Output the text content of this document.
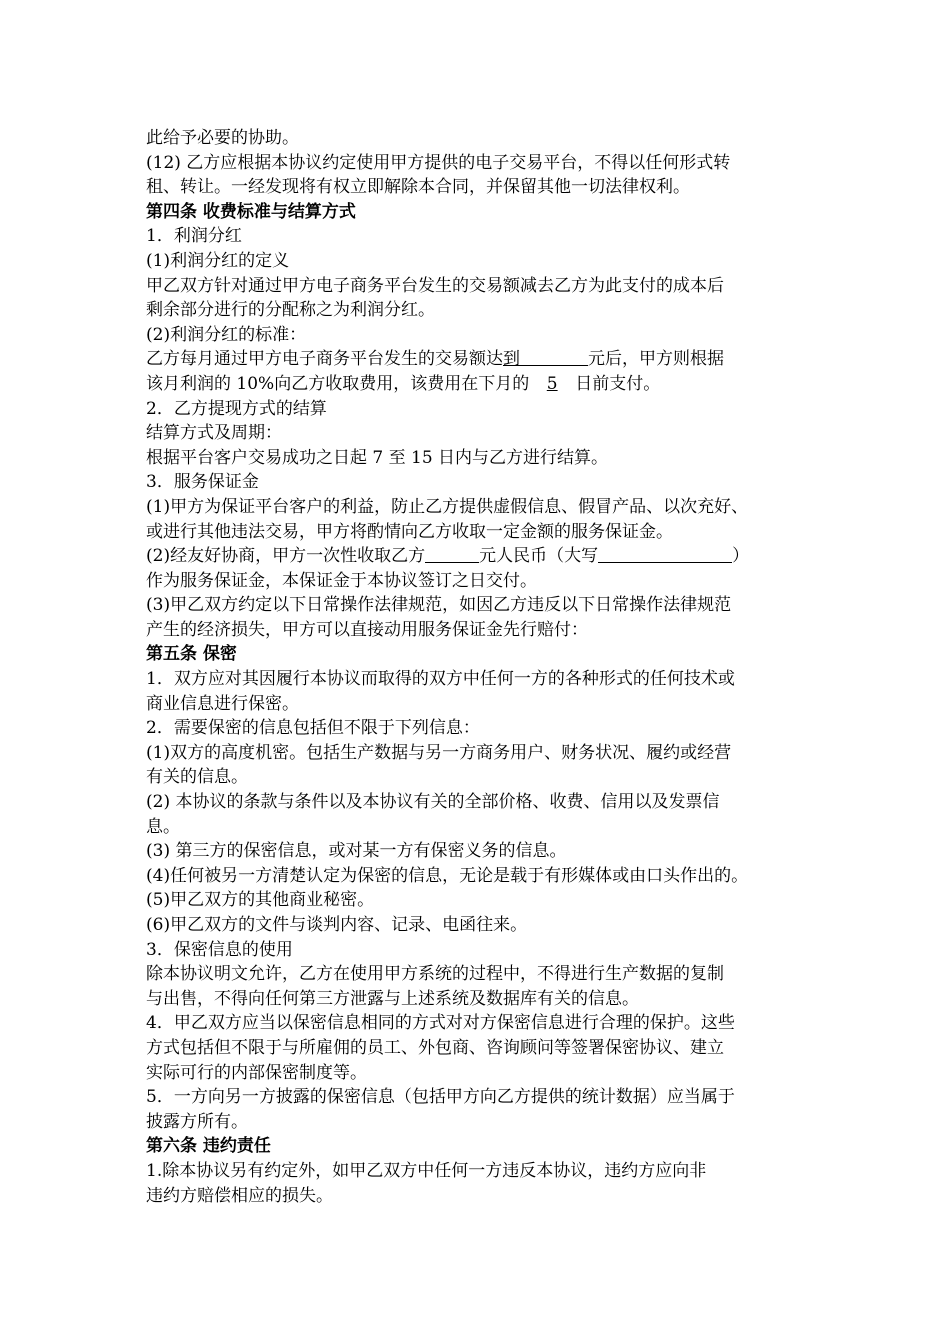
此给予必要的协助。
(12) 乙方应根据本协议约定使用甲方提供的电子交易平台，不得以任何形式转
租、转让。一经发现将有权立即解除本合同，并保留其他一切法律权利。
第四条 收费标准与结算方式
1．利润分红
(1)利润分红的定义
甲乙双方针对通过甲方电子商务平台发生的交易额减去乙方为此支付的成本后
剩余部分进行的分配称之为利润分红。
(2)利润分红的标准：
乙方每月通过甲方电子商务平台发生的交易额达到	元后，甲方则根据
该月利润的 10%向乙方收取费用，该费用在下月的 5 日前支付。
2．乙方提现方式的结算
结算方式及周期：
根据平台客户交易成功之日起 7 至 15 日内与乙方进行结算。
3．服务保证金
(1)甲方为保证平台客户的利益，防止乙方提供虚假信息、假冒产品、以次充好、
或进行其他违法交易，甲方将酌情向乙方收取一定金额的服务保证金。
(2)经友好协商，甲方一次性收取乙方	元人民币（大写	）
作为服务保证金，本保证金于本协议签订之日交付。
(3)甲乙双方约定以下日常操作法律规范，如因乙方违反以下日常操作法律规范
产生的经济损失，甲方可以直接动用服务保证金先行赔付：
第五条 保密
1．双方应对其因履行本协议而取得的双方中任何一方的各种形式的任何技术或
商业信息进行保密。
2．需要保密的信息包括但不限于下列信息：
(1)双方的高度机密。包括生产数据与另一方商务用户、财务状况、履约或经营
有关的信息。
(2) 本协议的条款与条件以及本协议有关的全部价格、收费、信用以及发票信
息。
(3) 第三方的保密信息，或对某一方有保密义务的信息。
(4)任何被另一方清楚认定为保密的信息，无论是载于有形媒体或由口头作出的。
(5)甲乙双方的其他商业秘密。
(6)甲乙双方的文件与谈判内容、记录、电函往来。
3．保密信息的使用
除本协议明文允许，乙方在使用甲方系统的过程中，不得进行生产数据的复制
与出售，不得向任何第三方泄露与上述系统及数据库有关的信息。
4．甲乙双方应当以保密信息相同的方式对对方保密信息进行合理的保护。这些
方式包括但不限于与所雇佣的员工、外包商、咨询顾问等签署保密协议、建立
实际可行的内部保密制度等。
5．一方向另一方披露的保密信息（包括甲方向乙方提供的统计数据）应当属于
披露方所有。
第六条 违约责任
1.除本协议另有约定外，如甲乙双方中任何一方违反本协议，违约方应向非
违约方赔偿相应的损失。
